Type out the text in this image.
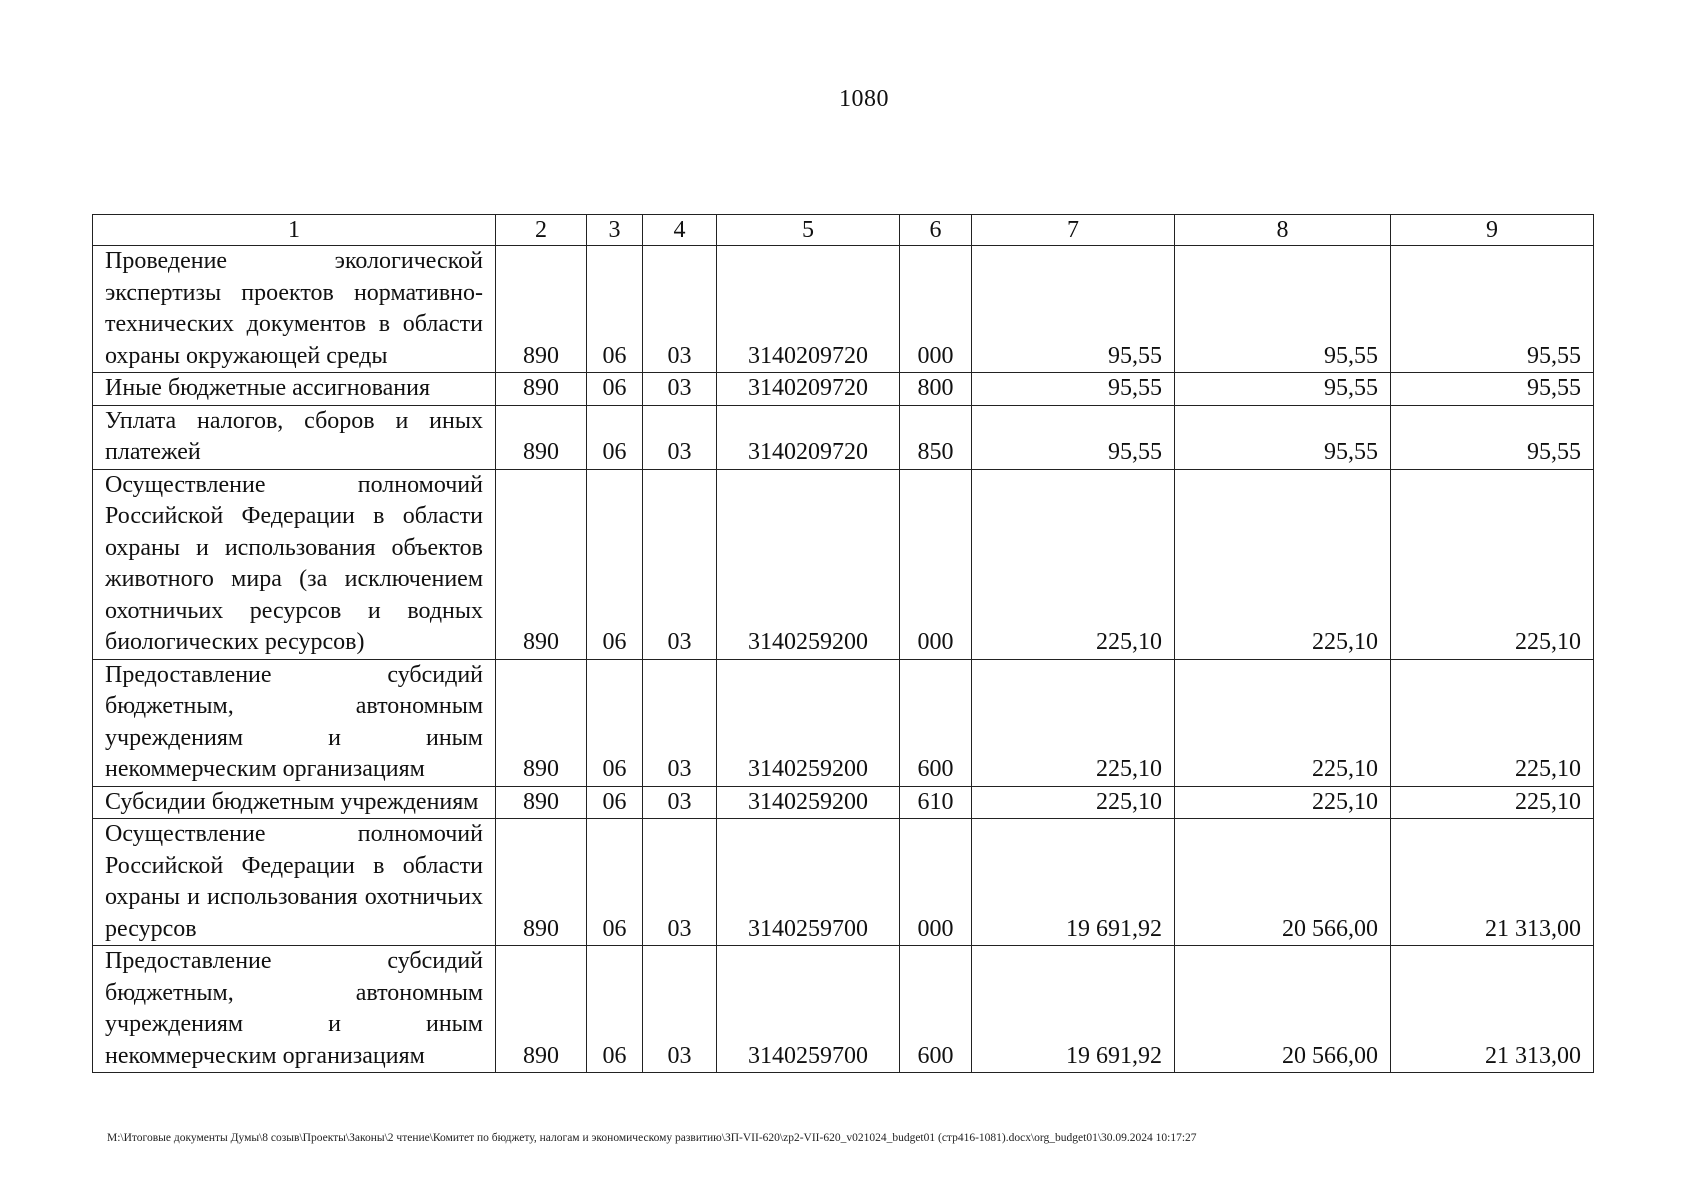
1080
1	2	3	4	5	6	7	8	9
Проведение экологической экспертизы проектов нормативно-технических документов в области охраны окружающей среды	890	06	03	3140209720	000	95,55	95,55	95,55
Иные бюджетные ассигнования	890	06	03	3140209720	800	95,55	95,55	95,55
Уплата налогов, сборов и иных платежей	890	06	03	3140209720	850	95,55	95,55	95,55
Осуществление полномочий Российской Федерации в области охраны и использования объектов животного мира (за исключением охотничьих ресурсов и водных биологических ресурсов)	890	06	03	3140259200	000	225,10	225,10	225,10
Предоставление субсидий бюджетным, автономным учреждениям и иным некоммерческим организациям	890	06	03	3140259200	600	225,10	225,10	225,10
Субсидии бюджетным учреждениям	890	06	03	3140259200	610	225,10	225,10	225,10
Осуществление полномочий Российской Федерации в области охраны и использования охотничьих ресурсов	890	06	03	3140259700	000	19 691,92	20 566,00	21 313,00
Предоставление субсидий бюджетным, автономным учреждениям и иным некоммерческим организациям	890	06	03	3140259700	600	19 691,92	20 566,00	21 313,00
M:\Итоговые документы Думы\8 созыв\Проекты\Законы\2 чтение\Комитет по бюджету, налогам и экономическому развитию\ЗП-VII-620\zp2-VII-620_v021024_budget01 (стр416-1081).docx\org_budget01\30.09.2024 10:17:27
